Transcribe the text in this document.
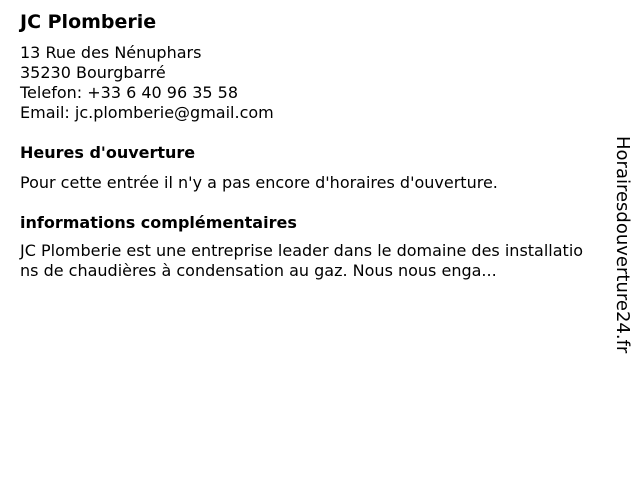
JC Plomberie
13 Rue des Nénuphars
35230 Bourgbarré
Telefon: +33 6 40 96 35 58
Email: jc.plomberie@gmail.com
Heures d'ouverture
Pour cette entrée il n'y a pas encore d'horaires d'ouverture.
informations complémentaires
JC Plomberie est une entreprise leader dans le domaine des installations de chaudières à condensation au gaz. Nous nous enga...	Horairesdouverture24.fr
